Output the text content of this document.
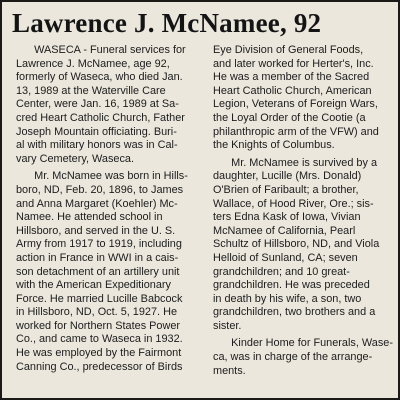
Lawrence J. McNamee, 92
WASECA - Funeral services for
Lawrence J. McNamee, age 92,
formerly of Waseca, who died Jan.
13, 1989 at the Waterville Care
Center, were Jan. 16, 1989 at Sa-
cred Heart Catholic Church, Father
Joseph Mountain officiating. Buri-
al with military honors was in Cal-
vary Cemetery, Waseca.
Mr. McNamee was born in Hills-
boro, ND, Feb. 20, 1896, to James
and Anna Margaret (Koehler) Mc-
Namee. He attended school in
Hillsboro, and served in the U. S.
Army from 1917 to 1919, including
action in France in WWI in a cais-
son detachment of an artillery unit
with the American Expeditionary
Force. He married Lucille Babcock
in Hillsboro, ND, Oct. 5, 1927. He
worked for Northern States Power
Co., and came to Waseca in 1932.
He was employed by the Fairmont
Canning Co., predecessor of Birds
Eye Division of General Foods,
and later worked for Herter's, Inc.
He was a member of the Sacred
Heart Catholic Church, American
Legion, Veterans of Foreign Wars,
the Loyal Order of the Cootie (a
philanthropic arm of the VFW) and
the Knights of Columbus.
Mr. McNamee is survived by a
daughter, Lucille (Mrs. Donald)
O'Brien of Faribault; a brother,
Wallace, of Hood River, Ore.; sis-
ters Edna Kask of Iowa, Vivian
McNamee of California, Pearl
Schultz of Hillsboro, ND, and Viola
Helloid of Sunland, CA; seven
grandchildren; and 10 great-
grandchildren. He was preceded
in death by his wife, a son, two
grandchildren, two brothers and a
sister.
Kinder Home for Funerals, Wase-
ca, was in charge of the arrange-
ments.
